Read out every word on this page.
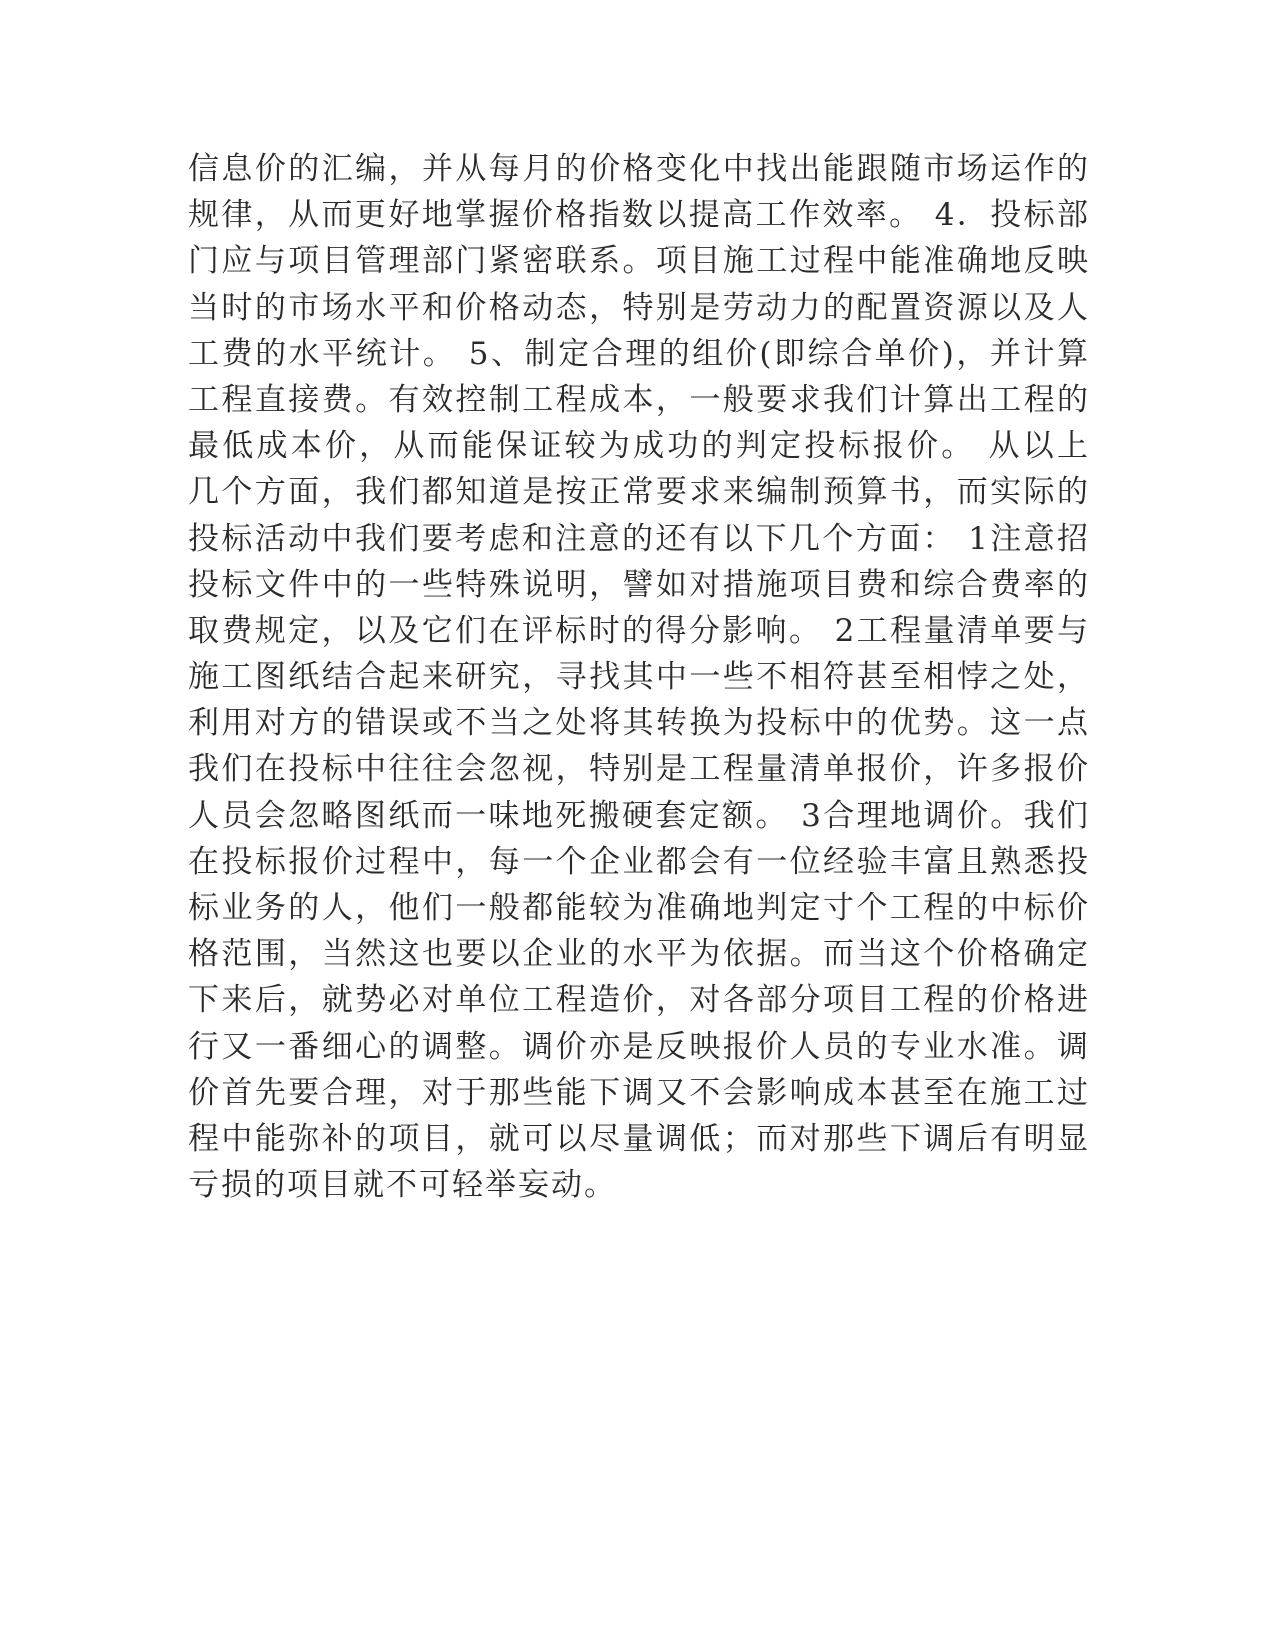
信息价的汇编，并从每月的价格变化中找出能跟随市场运作的
规律，从而更好地掌握价格指数以提高工作效率。 4．投标部
门应与项目管理部门紧密联系。项目施工过程中能准确地反映
当时的市场水平和价格动态，特别是劳动力的配置资源以及人
工费的水平统计。 5、制定合理的组价(即综合单价)，并计算
工程直接费。有效控制工程成本，一般要求我们计算出工程的
最低成本价，从而能保证较为成功的判定投标报价。 从以上
几个方面，我们都知道是按正常要求来编制预算书，而实际的
投标活动中我们要考虑和注意的还有以下几个方面： 1注意招
投标文件中的一些特殊说明，譬如对措施项目费和综合费率的
取费规定，以及它们在评标时的得分影响。 2工程量清单要与
施工图纸结合起来研究，寻找其中一些不相符甚至相悖之处，
利用对方的错误或不当之处将其转换为投标中的优势。这一点
我们在投标中往往会忽视，特别是工程量清单报价，许多报价
人员会忽略图纸而一味地死搬硬套定额。 3合理地调价。我们
在投标报价过程中，每一个企业都会有一位经验丰富且熟悉投
标业务的人，他们一般都能较为准确地判定寸个工程的中标价
格范围，当然这也要以企业的水平为依据。而当这个价格确定
下来后，就势必对单位工程造价，对各部分项目工程的价格进
行又一番细心的调整。调价亦是反映报价人员的专业水准。调
价首先要合理，对于那些能下调又不会影响成本甚至在施工过
程中能弥补的项目，就可以尽量调低；而对那些下调后有明显
亏损的项目就不可轻举妄动。
